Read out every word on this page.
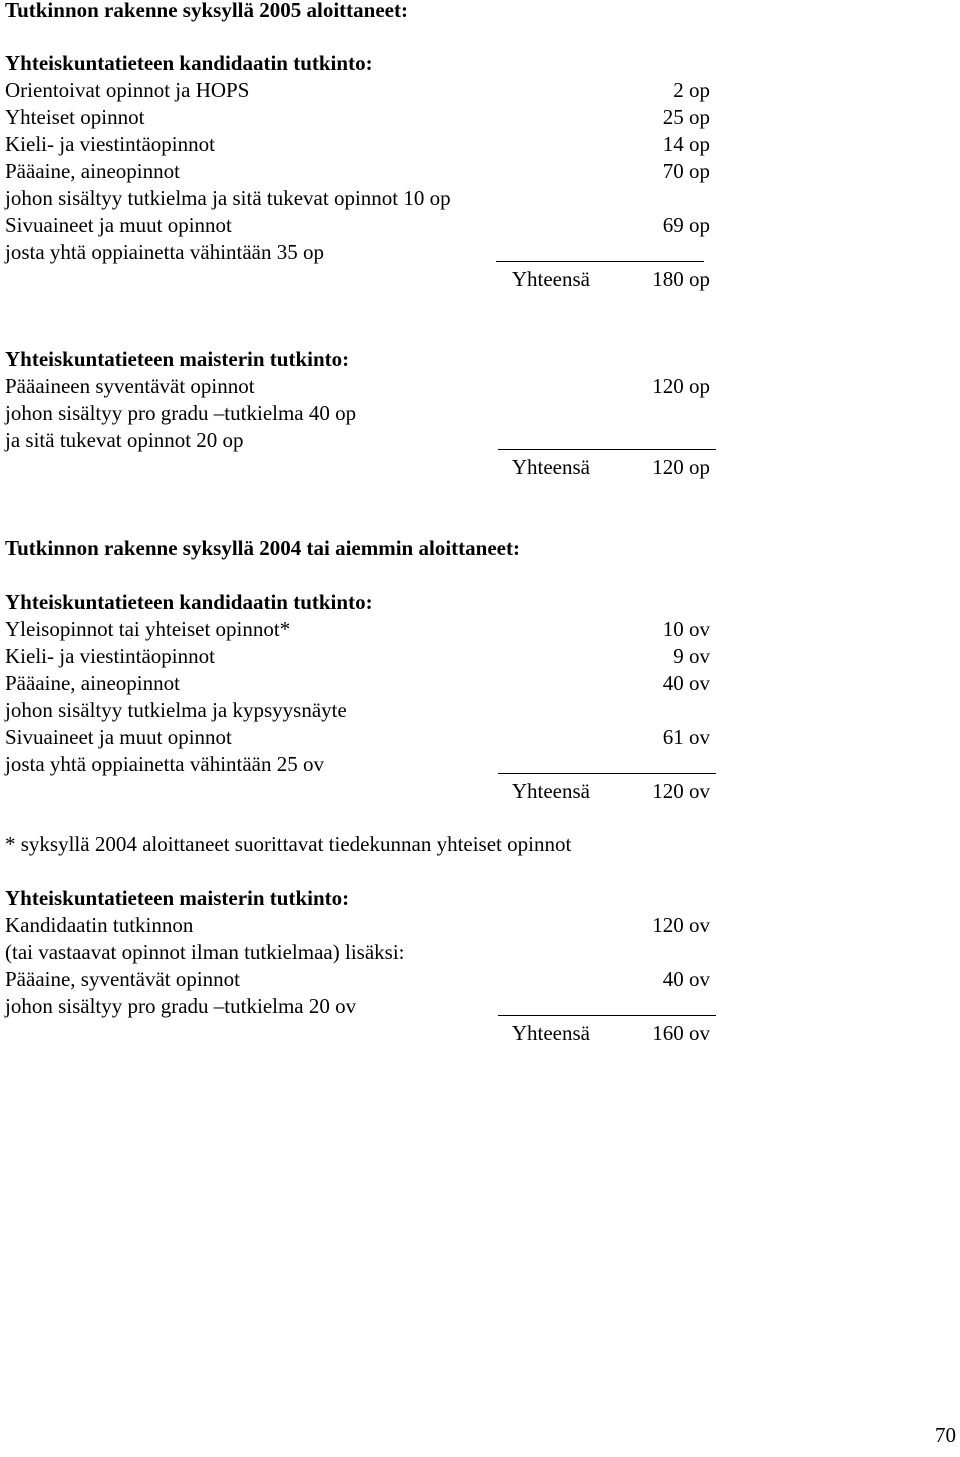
Tutkinnon rakenne syksyllä 2005 aloittaneet:
Yhteiskuntatieteen kandidaatin tutkinto:
Orientoivat opinnot ja HOPS	2 op
Yhteiset opinnot	25 op
Kieli- ja viestintäopinnot	14 op
Pääaine, aineopinnot	70 op
johon sisältyy tutkielma ja sitä tukevat opinnot 10 op
Sivuaineet ja muut opinnot	69 op
josta yhtä oppiainetta vähintään 35 op
Yhteensä	180 op
Yhteiskuntatieteen maisterin tutkinto:
Pääaineen syventävät opinnot	120 op
johon sisältyy pro gradu –tutkielma 40 op
ja sitä tukevat opinnot 20 op
Yhteensä	120 op
Tutkinnon rakenne syksyllä 2004 tai aiemmin aloittaneet:
Yhteiskuntatieteen kandidaatin tutkinto:
Yleisopinnot tai yhteiset opinnot*	10 ov
Kieli- ja viestintäopinnot	9 ov
Pääaine, aineopinnot	40 ov
johon sisältyy tutkielma ja kypsyysnäyte
Sivuaineet ja muut opinnot	61 ov
josta yhtä oppiainetta vähintään 25 ov
Yhteensä	120 ov
* syksyllä 2004 aloittaneet suorittavat tiedekunnan yhteiset opinnot
Yhteiskuntatieteen maisterin tutkinto:
Kandidaatin tutkinnon	120 ov
(tai vastaavat opinnot ilman tutkielmaa) lisäksi:
Pääaine, syventävät opinnot	40 ov
johon sisältyy pro gradu –tutkielma 20 ov
Yhteensä	160 ov
70
